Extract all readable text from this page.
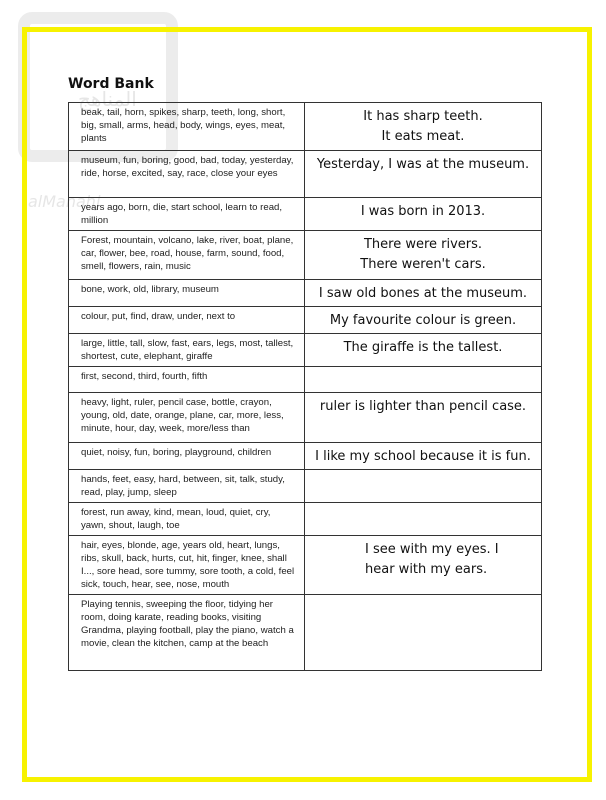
المناهج
alManahj
Word Bank
beak, tail, horn, spikes, sharp, teeth, long, short, big, small, arms, head, body, wings, eyes, meat, plants	It has sharp teeth.
It eats meat.

museum, fun, boring, good, bad, today, yesterday, ride, horse, excited, say, race, close your eyes	Yesterday, I was at the museum.

years ago, born, die, start school, learn to read, million	I was born in 2013.

Forest, mountain, volcano, lake, river, boat, plane, car, flower, bee, road, house, farm, sound, food, smell, flowers, rain, music	There were rivers.
There weren't cars.

bone, work, old, library, museum	I saw old bones at the museum.

colour, put, find, draw, under, next to	My favourite colour is green.

large, little, tall, slow, fast, ears, legs, most, tallest, shortest, cute, elephant, giraffe	The giraffe is the tallest.

first, second, third, fourth, fifth	
heavy, light, ruler, pencil case, bottle, crayon, young, old, date, orange, plane, car, more, less, minute, hour, day, week, more/less than	ruler is lighter than pencil case.

quiet, noisy, fun, boring, playground, children	I like my school because it is fun.

hands, feet, easy, hard, between, sit, talk, study, read, play, jump, sleep	
forest, run away, kind, mean, loud, quiet, cry, yawn, shout, laugh, toe	
hair, eyes, blonde, age, years old, heart, lungs, ribs, skull, back, hurts, cut, hit, finger, knee, shall I..., sore head, sore tummy, sore tooth, a cold, feel sick, touch, hear, see, nose, mouth	I see with my eyes. I
hear with my ears.

Playing tennis, sweeping the floor, tidying her room, doing karate, reading books, visiting Grandma, playing football, play the piano, watch a movie, clean the kitchen, camp at the beach	
